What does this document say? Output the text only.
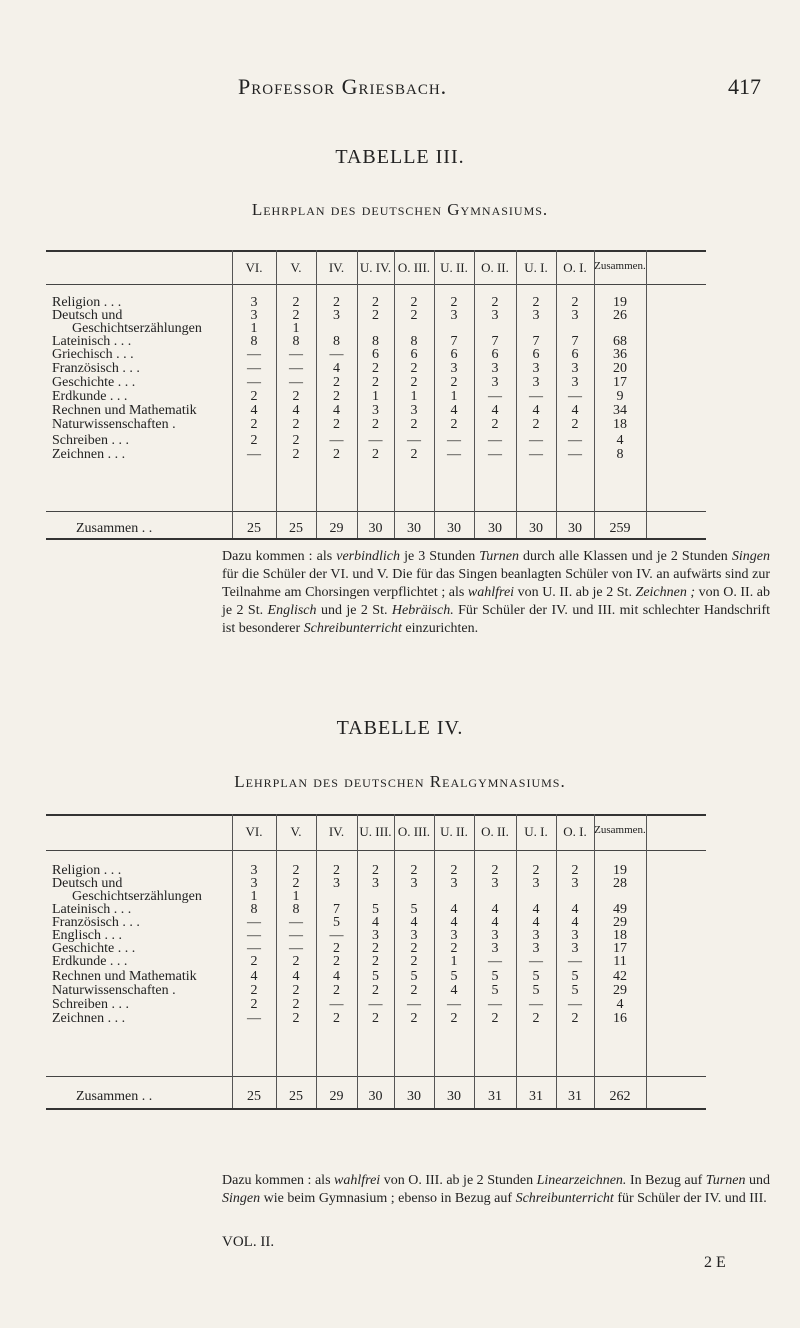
Professor Griesbach.	417
TABELLE III.
Lehrplan des deutschen Gymnasiums.
Dazu kommen : als verbindlich je 3 Stunden Turnen durch alle Klassen und je 2 Stunden Singen für die Schüler der VI. und V. Die für das Singen beanlagten Schüler von IV. an aufwärts sind zur Teilnahme am Chorsingen verpflichtet ; als wahlfrei von U. II. ab je 2 St. Zeichnen ; von O. II. ab je 2 St. Englisch und je 2 St. Hebräisch. Für Schüler der IV. und III. mit schlechter Handschrift ist besonderer Schreibunterricht einzurichten.
TABELLE IV.
Lehrplan des deutschen Realgymnasiums.
Dazu kommen : als wahlfrei von O. III. ab je 2 Stunden Linearzeichnen. In Bezug auf Turnen und Singen wie beim Gymnasium ; ebenso in Bezug auf Schreibunterricht für Schüler der IV. und III.
VOL. II.
2 E
VI.	V.	IV.	U. IV. O. III. U. II.	O. II.	U. I.	O. I. Zusammen.
Religion . . .	3	2	2	2	2	2	2	2	2	19
Deutsch und	3	2	3	2	2	3	3	3	3	26
Geschichtserzählungen	1	1
Lateinisch . . .	8	8	8	8	8	7	7	7	7	68
Griechisch . . .	—	—	—	6	6	6	6	6	6	36
Französisch . . .	—	—	4	2	2	3	3	3	3	20
Geschichte . . .	—	—	2	2	2	2	3	3	3	17
Erdkunde . . .	2	2	2	1	1	1	—	—	—	9
Rechnen und Mathematik	4	4	4	3	3	4	4	4	4	34
Naturwissenschaften .	2	2	2	2	2	2	2	2	2	18
Schreiben . . .	2	2	—	—	—	—	—	—	—	4
Zeichnen . . .	—	2	2	2	2	—	—	—	—	8
Zusammen . .	25	25	29	30	30	30	30	30	30	259
VI.	V.	IV.	U. III. O. III. U. II.	O. II.	U. I.	O. I. Zusammen.
Religion . . .	3	2	2	2	2	2	2	2	2	19
Deutsch und	3	2	3	3	3	3	3	3	3	28
Geschichtserzählungen	1	1
Lateinisch . . .	8	8	7	5	5	4	4	4	4	49
Französisch . . .	—	—	5	4	4	4	4	4	4	29
Englisch . . .	—	—	—	3	3	3	3	3	3	18
Geschichte . . .	—	—	2	2	2	2	3	3	3	17
Erdkunde . . .	2	2	2	2	2	1	—	—	—	11
Rechnen und Mathematik	4	4	4	5	5	5	5	5	5	42
Naturwissenschaften .	2	2	2	2	2	4	5	5	5	29
Schreiben . . .	2	2	—	—	—	—	—	—	—	4
Zeichnen . . .	—	2	2	2	2	2	2	2	2	16
Zusammen . .	25	25	29	30	30	30	31	31	31	262
